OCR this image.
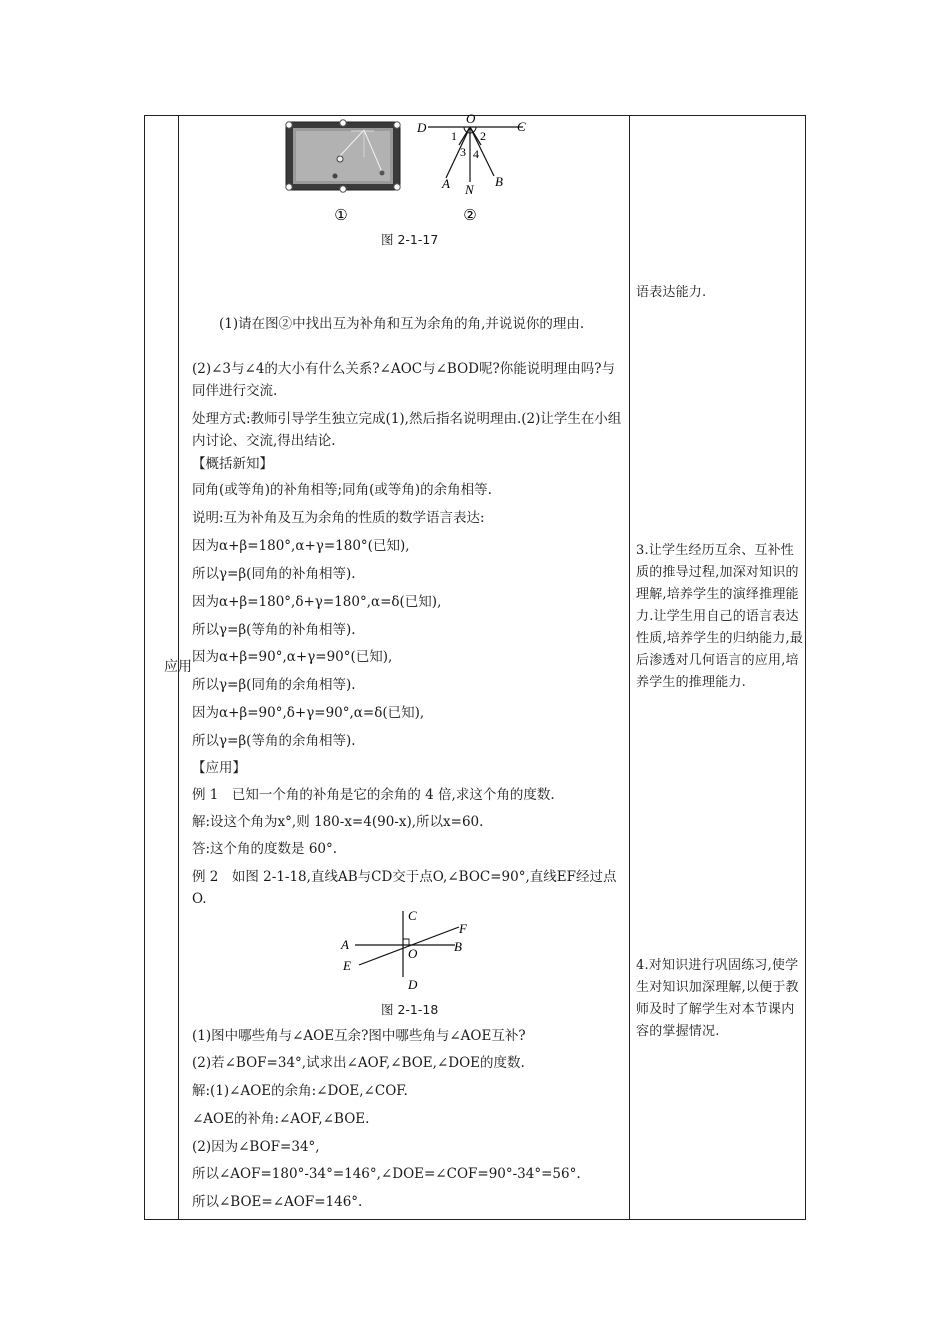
①
O
D	C
A N
B
1 2
3 4
②
图 2-1-17
应用

(1)请在图②中找出互为补角和互为余角的角,并说说你的理由.

(2)∠3与∠4的大小有什么关系?∠AOC与∠BOD呢?你能说明理由吗?与同伴进行交流.

处理方式:教师引导学生独立完成(1),然后指名说明理由.(2)让学生在小组内讨论、交流,得出结论.

【概括新知】

同角(或等角)的补角相等;同角(或等角)的余角相等.

说明:互为补角及互为余角的性质的数学语言表达:

因为α+β=180°,α+γ=180°(已知),

所以γ=β(同角的补角相等).

因为α+β=180°,δ+γ=180°,α=δ(已知),

所以γ=β(等角的补角相等).

因为α+β=90°,α+γ=90°(已知),

所以γ=β(同角的余角相等).

因为α+β=90°,δ+γ=90°,α=δ(已知),

所以γ=β(等角的余角相等).

【应用】

例 1　已知一个角的补角是它的余角的 4 倍,求这个角的度数.

解:设这个角为x°,则 180-x=4(90-x),所以x=60.

答:这个角的度数是 60°.

例 2　如图 2-1-18,直线AB与CD交于点O,∠BOC=90°,直线EF经过点O.

C
F
A	B
O
E
D
图 2-1-18

(1)图中哪些角与∠AOE互余?图中哪些角与∠AOE互补?

(2)若∠BOF=34°,试求出∠AOF,∠BOE,∠DOE的度数.

解:(1)∠AOE的余角:∠DOE,∠COF.

∠AOE的补角:∠AOF,∠BOE.

(2)因为∠BOF=34°,

所以∠AOF=180°-34°=146°,∠DOE=∠COF=90°-34°=56°.

所以∠BOE=∠AOF=146°.

语表达能力.
3.让学生经历互余、互补性质的推导过程,加深对知识的理解,培养学生的演绎推理能力.让学生用自己的语言表达性质,培养学生的归纳能力,最后渗透对几何语言的应用,培养学生的推理能力.
4.对知识进行巩固练习,使学生对知识加深理解,以便于教师及时了解学生对本节课内容的掌握情况.
